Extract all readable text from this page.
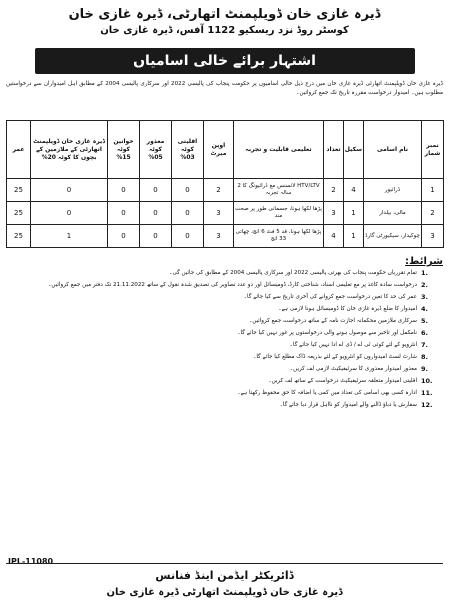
ڈیرہ غازی خان ڈویلپمنٹ اتھارٹی، ڈیرہ غازی خان
کوسٹر روڈ نزد ریسکیو 1122 آفس، ڈیرہ غازی خان
اشتہار برائے خالی اسامیاں
ڈیرہ غازی خان ڈویلپمنٹ اتھارٹی ڈیرہ غازی خان میں درج ذیل خالی اسامیوں پر حکومت پنجاب کی پالیسی 2022 اور سرکاری پالیسی 2004 کے مطابق اہل امیدواران سے درخواستیں مطلوب ہیں۔ امیدوار درخواست مقررہ تاریخ تک جمع کروائیں۔
نمبر شمار	نام اسامی	سکیل	تعداد	تعلیمی قابلیت و تجربہ	اوپن میرٹ	اقلیتی کوٹہ 03%	معذور کوٹہ 05%	خواتین کوٹہ 15%	ڈیرہ غازی خان ڈویلپمنٹ اتھارٹی کے ملازمین کے بچوں کا کوٹہ 20%	عمر
1	ڈرائیور	4	2	HTV/LTV لائسنس مع ڈرائیونگ کا 2 سالہ تجربہ	2	0	0	0	0	25
2	مالی، بیلدار	1	3	پڑھا لکھا ہونا، جسمانی طور پر صحت مند	3	0	0	0	0	25
3	چوکیدار، سیکیورٹی گارڈ	1	4	پڑھا لکھا ہونا، قد 5 فٹ 6 انچ، چھاتی 33 انچ	3	0	0	0	1	25
شرائط:
1.
تمام تقرریاں حکومت پنجاب کی بھرتی پالیسی 2022 اور سرکاری پالیسی 2004 کے مطابق کی جائیں گی۔
2.
درخواست سادہ کاغذ پر مع تعلیمی اسناد، شناختی کارڈ، ڈومیسائل اور دو عدد تصاویر کی تصدیق شدہ نقول کے ساتھ 21.11.2022 تک دفتر میں جمع کروائیں۔
3.
عمر کی حد کا تعین درخواست جمع کروانے کی آخری تاریخ سے کیا جائے گا۔
4.
امیدوار کا ضلع ڈیرہ غازی خان کا ڈومیسائل ہونا لازمی ہے۔
5.
سرکاری ملازمین محکمانہ اجازت نامہ کے ساتھ درخواست جمع کروائیں۔
6.
نامکمل اور تاخیر سے موصول ہونے والی درخواستوں پر غور نہیں کیا جائے گا۔
7.
انٹرویو کے لئے کوئی ٹی اے / ڈی اے ادا نہیں کیا جائے گا۔
8.
شارٹ لسٹ امیدواروں کو انٹرویو کے لئے بذریعہ ڈاک مطلع کیا جائے گا۔
9.
معذور امیدوار معذوری کا سرٹیفیکیٹ لازمی لف کریں۔
10.
اقلیتی امیدوار متعلقہ سرٹیفیکیٹ درخواست کے ساتھ لف کریں۔
11.
ادارہ کسی بھی اسامی کی تعداد میں کمی یا اضافہ کا حق محفوظ رکھتا ہے۔
12.
سفارش یا دباؤ ڈالنے والے امیدوار کو نااہل قرار دیا جائے گا۔
IPL-11080
ڈائریکٹر ایڈمن اینڈ فنانس
ڈیرہ غازی خان ڈویلپمنٹ اتھارٹی ڈیرہ غازی خان
